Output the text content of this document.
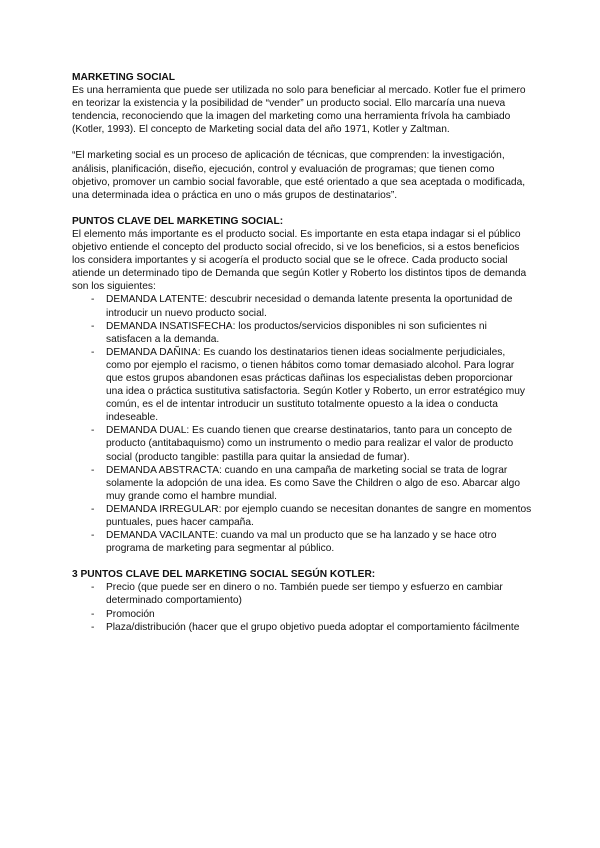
MARKETING SOCIAL

Es una herramienta que puede ser utilizada no solo para beneficiar al mercado. Kotler fue el primero en teorizar la existencia y la posibilidad de “vender” un producto social. Ello marcaría una nueva tendencia, reconociendo que la imagen del marketing como una herramienta frívola ha cambiado (Kotler, 1993). El concepto de Marketing social data del año 1971, Kotler y Zaltman.

“El marketing social es un proceso de aplicación de técnicas, que comprenden: la investigación, análisis, planificación, diseño, ejecución, control y evaluación de programas; que tienen como objetivo, promover un cambio social favorable, que esté orientado a que sea aceptada o modificada, una determinada idea o práctica en uno o más grupos de destinatarios”.

PUNTOS CLAVE DEL MARKETING SOCIAL:

El elemento más importante es el producto social. Es importante en esta etapa indagar si el público objetivo entiende el concepto del producto social ofrecido, si ve los beneficios, si a estos beneficios los considera importantes y si acogería el producto social que se le ofrece. Cada producto social atiende un determinado tipo de Demanda que según Kotler y Roberto los distintos tipos de demanda son los siguientes:

- DEMANDA LATENTE: descubrir necesidad o demanda latente presenta la oportunidad de introducir un nuevo producto social.
- DEMANDA INSATISFECHA: los productos/servicios disponibles ni son suficientes ni satisfacen a la demanda.
- DEMANDA DAÑINA: Es cuando los destinatarios tienen ideas socialmente perjudiciales, como por ejemplo el racismo, o tienen hábitos como tomar demasiado alcohol. Para lograr que estos grupos abandonen esas prácticas dañinas los especialistas deben proporcionar una idea o práctica sustitutiva satisfactoria. Según Kotler y Roberto, un error estratégico muy común, es el de intentar introducir un sustituto totalmente opuesto a la idea o conducta indeseable.
- DEMANDA DUAL: Es cuando tienen que crearse destinatarios, tanto para un concepto de producto (antitabaquismo) como un instrumento o medio para realizar el valor de producto social (producto tangible: pastilla para quitar la ansiedad de fumar).
- DEMANDA ABSTRACTA: cuando en una campaña de marketing social se trata de lograr solamente la adopción de una idea. Es como Save the Children o algo de eso. Abarcar algo muy grande como el hambre mundial.
- DEMANDA IRREGULAR: por ejemplo cuando se necesitan donantes de sangre en momentos puntuales, pues hacer campaña.
- DEMANDA VACILANTE: cuando va mal un producto que se ha lanzado y se hace otro programa de marketing para segmentar al público.

3 PUNTOS CLAVE DEL MARKETING SOCIAL SEGÚN KOTLER:

- Precio (que puede ser en dinero o no. También puede ser tiempo y esfuerzo en cambiar determinado comportamiento)
- Promoción
- Plaza/distribución (hacer que el grupo objetivo pueda adoptar el comportamiento fácilmente
